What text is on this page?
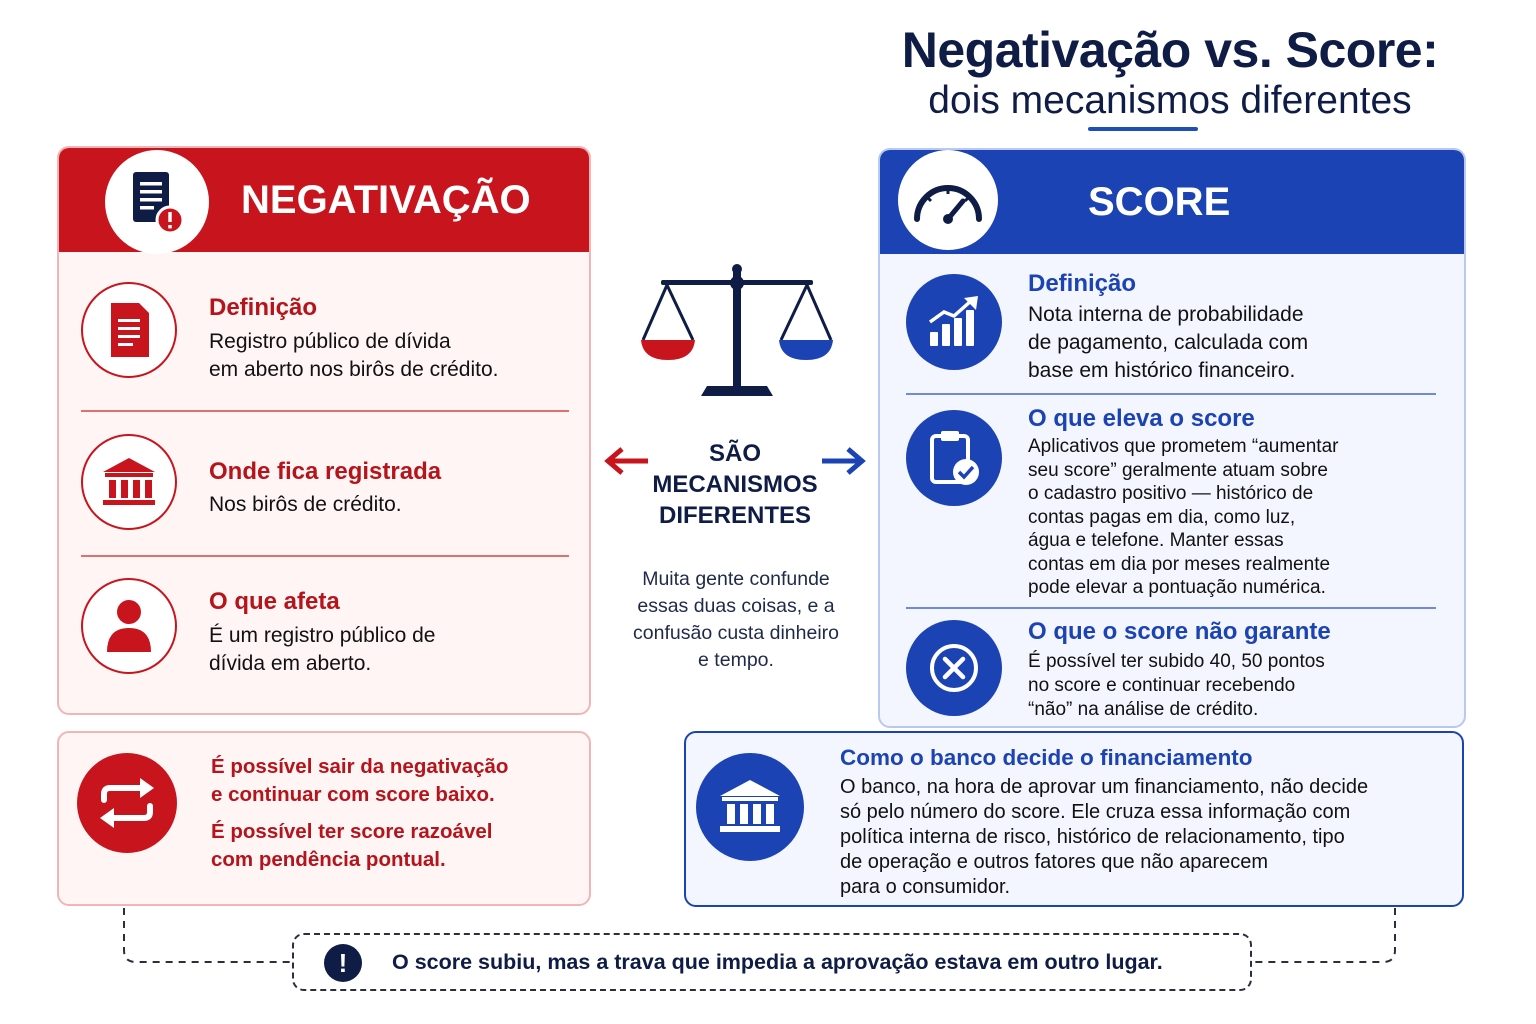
Negativação vs. Score:
dois mecanismos diferentes
NEGATIVAÇÃO
Definição
Registro público de dívida
em aberto nos birôs de crédito.
Onde fica registrada
Nos birôs de crédito.
O que afeta
É um registro público de
dívida em aberto.
É possível sair da negativação
e continuar com score baixo.
É possível ter score razoável
com pendência pontual.
SÃO
MECANISMOS
DIFERENTES
Muita gente confunde
essas duas coisas, e a
confusão custa dinheiro
e tempo.
SCORE
Definição
Nota interna de probabilidade
de pagamento, calculada com
base em histórico financeiro.
O que eleva o score
Aplicativos que prometem “aumentar
seu score” geralmente atuam sobre
o cadastro positivo — histórico de
contas pagas em dia, como luz,
água e telefone. Manter essas
contas em dia por meses realmente
pode elevar a pontuação numérica.
O que o score não garante
É possível ter subido 40, 50 pontos
no score e continuar recebendo
“não” na análise de crédito.
Como o banco decide o financiamento
O banco, na hora de aprovar um financiamento, não decide
só pelo número do score. Ele cruza essa informação com
política interna de risco, histórico de relacionamento, tipo
de operação e outros fatores que não aparecem
para o consumidor.
!	O score subiu, mas a trava que impedia a aprovação estava em outro lugar.
